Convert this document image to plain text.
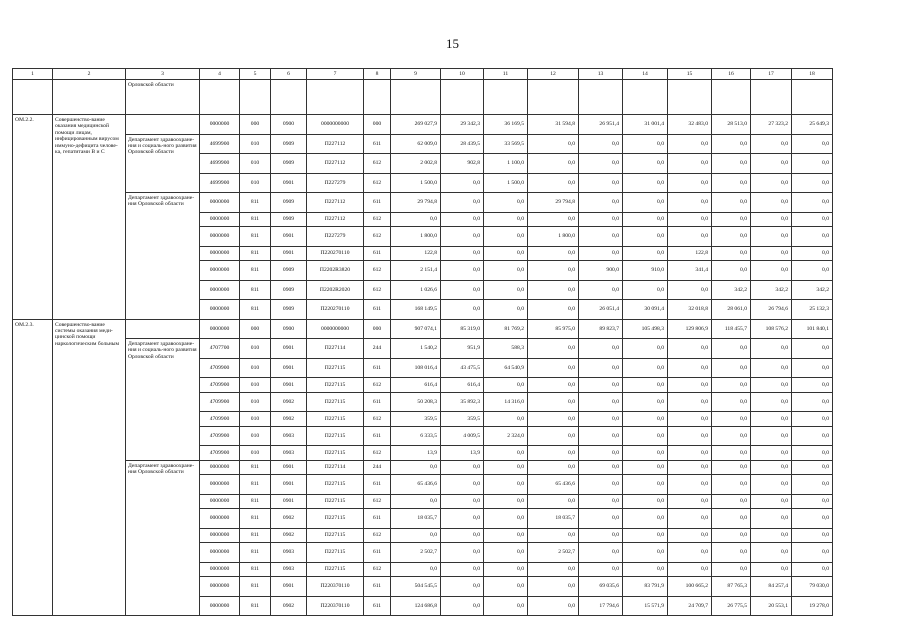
15
1	2	3	4	5	6	7	8	9	10	11	12	13	14	15	16	17	18
		Орловской области															
ОМ.2.2.	Совершенство-вание оказания медицинской помощи лицам, инфицированным вирусом иммуно-дефицита челове-ка, гепатитами В и С		0000000	000	0900	0000000000	000	269 027,9	29 342,3	36 169,5	31 594,8	26 951,4	31 001,4	32 483,0	28 513,0	27 323,2	25 649,3
		Департамент здравоохране-ния и социаль-ного развития Орловской области	4699900	010	0909	П227112	611	62 009,0	28 439,5	33 569,5	0,0	0,0	0,0	0,0	0,0	0,0	0,0
			4699900	010	0909	П227112	612	2 002,8	902,8	1 100,0	0,0	0,0	0,0	0,0	0,0	0,0	0,0
			4699900	010	0901	П227279	612	1 500,0	0,0	1 500,0	0,0	0,0	0,0	0,0	0,0	0,0	0,0
		Департамент здравоохране-ния Орловской области	0000000	811	0909	П227112	611	29 794,8	0,0	0,0	29 794,8	0,0	0,0	0,0	0,0	0,0	0,0
			0000000	811	0909	П227112	612	0,0	0,0	0,0	0,0	0,0	0,0	0,0	0,0	0,0	0,0
			0000000	811	0901	П227279	612	1 800,0	0,0	0,0	1 800,0	0,0	0,0	0,0	0,0	0,0	0,0
			0000000	811	0901	П220270110	611	122,8	0,0	0,0	0,0	0,0	0,0	122,8	0,0	0,0	0,0
			0000000	811	0909	П2202R3820	612	2 151,4	0,0	0,0	0,0	900,0	910,0	341,4	0,0	0,0	0,0
			0000000	811	0909	П2202R2020	612	1 026,6	0,0	0,0	0,0	0,0	0,0	0,0	342,2	342,2	342,2
			0000000	811	0909	П220270110	611	168 149,5	0,0	0,0	0,0	26 051,4	30 091,4	32 018,8	28 061,0	26 794,6	25 132,3
ОМ.2.3.	Совершенство-вание системы оказания меди-цинской помощи наркологическим больным		0000000	000	0900	0000000000	000	907 074,1	85 319,0	81 769,2	85 975,0	89 823,7	105 498,3	129 806,9	118 455,7	108 576,2	101 840,1
		Департамент здравоохране-ния и социаль-ного развития Орловской области	4707700	010	0901	П227114	244	1 540,2	951,9	588,3	0,0	0,0	0,0	0,0	0,0	0,0	0,0
			4709900	010	0901	П227115	611	108 016,4	43 475,5	64 540,9	0,0	0,0	0,0	0,0	0,0	0,0	0,0
			4709900	010	0901	П227115	612	616,4	616,4	0,0	0,0	0,0	0,0	0,0	0,0	0,0	0,0
			4709900	010	0902	П227115	611	50 208,3	35 892,3	14 316,0	0,0	0,0	0,0	0,0	0,0	0,0	0,0
			4709900	010	0902	П227115	612	359,5	359,5	0,0	0,0	0,0	0,0	0,0	0,0	0,0	0,0
			4709900	010	0903	П227115	611	6 333,5	4 009,5	2 324,0	0,0	0,0	0,0	0,0	0,0	0,0	0,0
			4709900	010	0903	П227115	612	13,9	13,9	0,0	0,0	0,0	0,0	0,0	0,0	0,0	0,0
		Департамент здравоохране-ния Орловской области	0000000	811	0901	П227114	244	0,0	0,0	0,0	0,0	0,0	0,0	0,0	0,0	0,0	0,0
			0000000	811	0901	П227115	611	65 436,6	0,0	0,0	65 436,6	0,0	0,0	0,0	0,0	0,0	0,0
			0000000	811	0901	П227115	612	0,0	0,0	0,0	0,0	0,0	0,0	0,0	0,0	0,0	0,0
			0000000	811	0902	П227115	611	18 035,7	0,0	0,0	18 035,7	0,0	0,0	0,0	0,0	0,0	0,0
			0000000	811	0902	П227115	612	0,0	0,0	0,0	0,0	0,0	0,0	0,0	0,0	0,0	0,0
			0000000	811	0903	П227115	611	2 502,7	0,0	0,0	2 502,7	0,0	0,0	0,0	0,0	0,0	0,0
			0000000	811	0903	П227115	612	0,0	0,0	0,0	0,0	0,0	0,0	0,0	0,0	0,0	0,0
			0000000	811	0901	П220370110	611	504 545,5	0,0	0,0	0,0	69 035,6	83 791,9	100 665,2	87 765,3	84 257,4	79 030,0
			0000000	811	0902	П220370110	611	124 686,8	0,0	0,0	0,0	17 794,6	15 571,9	24 709,7	26 775,5	20 553,1	19 278,0
